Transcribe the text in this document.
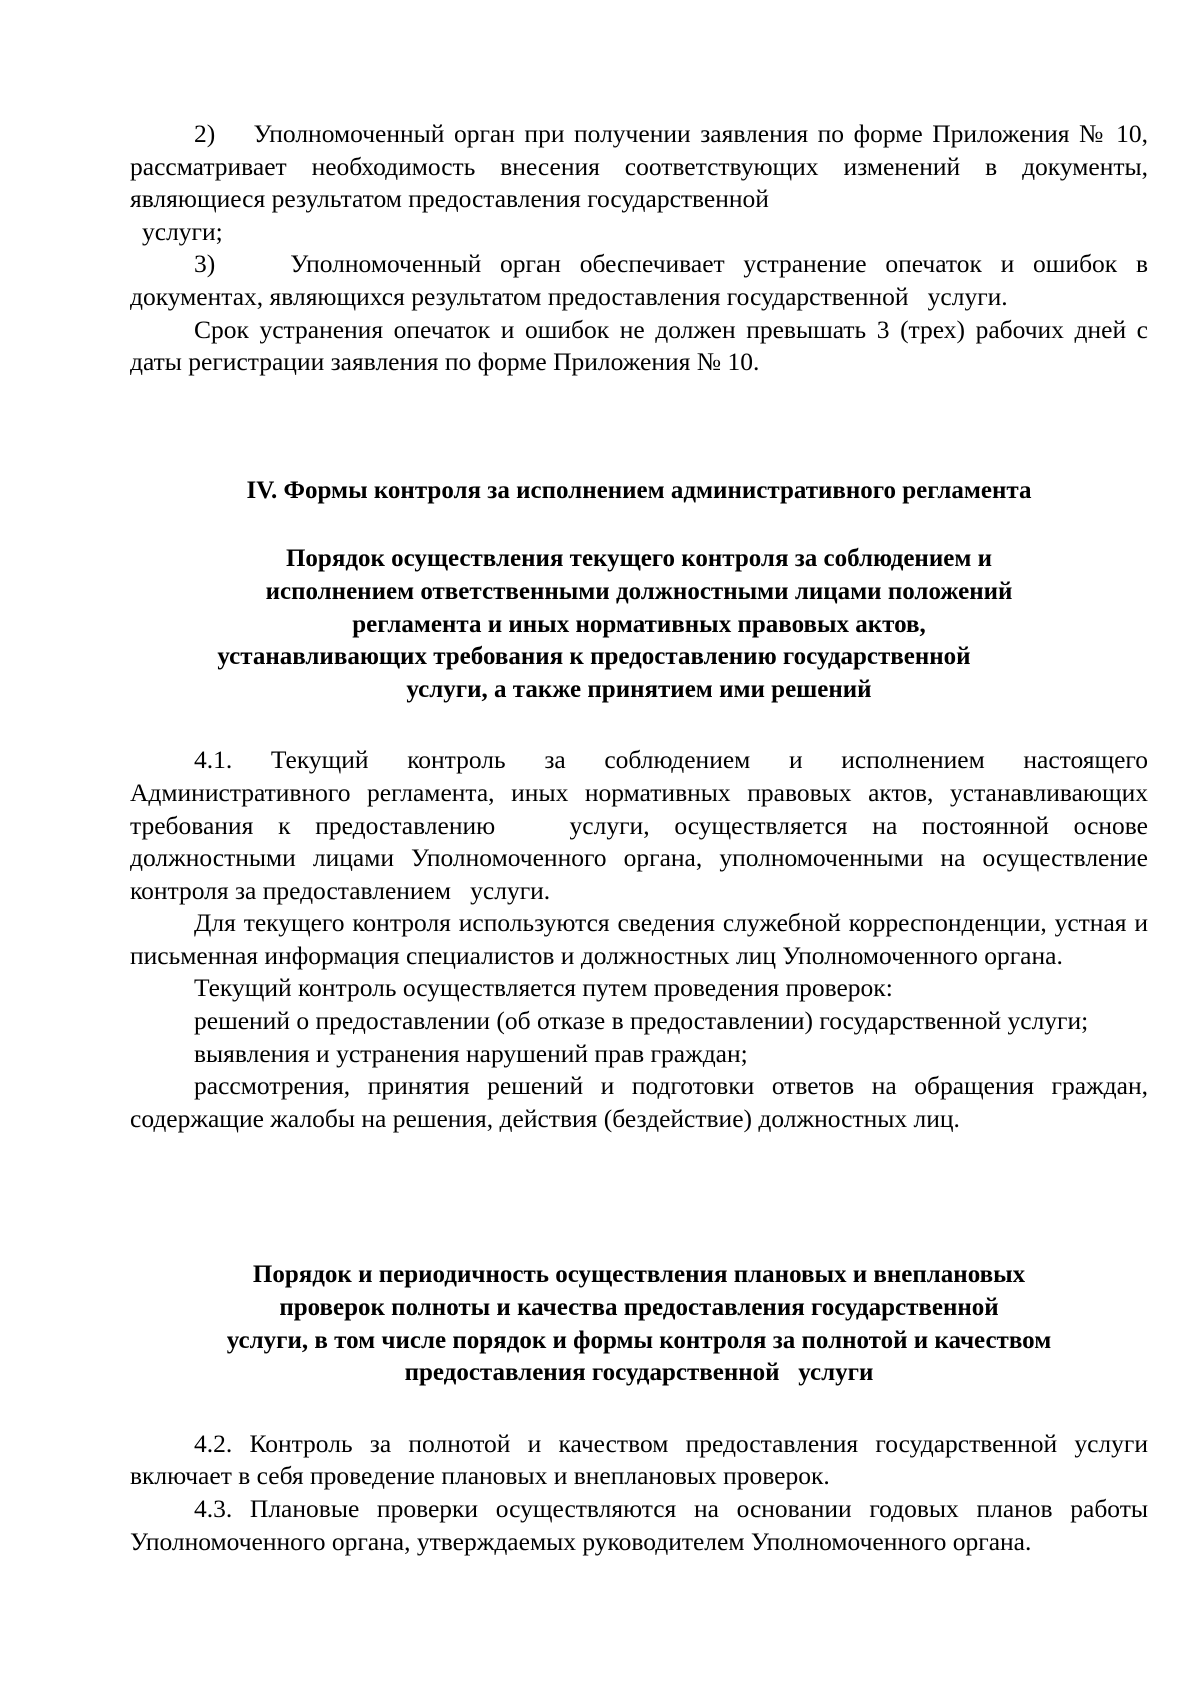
2)    Уполномоченный орган при получении заявления по форме Приложения № 10, рассматривает необходимость внесения соответствующих изменений в документы, являющиеся результатом предоставления государственной

услуги;

3)    Уполномоченный орган обеспечивает устранение опечаток и ошибок в документах, являющихся результатом предоставления государственной   услуги.

Срок устранения опечаток и ошибок не должен превышать 3 (трех) рабочих дней с даты регистрации заявления по форме Приложения № 10.

IV. Формы контроля за исполнением административного регламента
Порядок осуществления текущего контроля за соблюдением и
исполнением ответственными должностными лицами положений
регламента и иных нормативных правовых актов,
устанавливающих требования к предоставлению государственной
услуги, а также принятием ими решений

4.1. Текущий контроль за соблюдением и исполнением настоящего Административного регламента, иных нормативных правовых актов, устанавливающих требования к предоставлению   услуги, осуществляется на постоянной основе должностными лицами Уполномоченного органа, уполномоченными на осуществление контроля за предоставлением   услуги.

Для текущего контроля используются сведения служебной корреспонденции, устная и письменная информация специалистов и должностных лиц Уполномоченного органа.

Текущий контроль осуществляется путем проведения проверок:

решений о предоставлении (об отказе в предоставлении) государственной услуги;

выявления и устранения нарушений прав граждан;

рассмотрения, принятия решений и подготовки ответов на обращения граждан, содержащие жалобы на решения, действия (бездействие) должностных лиц.

Порядок и периодичность осуществления плановых и внеплановых
проверок полноты и качества предоставления государственной
услуги, в том числе порядок и формы контроля за полнотой и качеством
предоставления государственной   услуги

4.2. Контроль за полнотой и качеством предоставления государственной услуги включает в себя проведение плановых и внеплановых проверок.

4.3. Плановые проверки осуществляются на основании годовых планов работы Уполномоченного органа, утверждаемых руководителем Уполномоченного органа.
